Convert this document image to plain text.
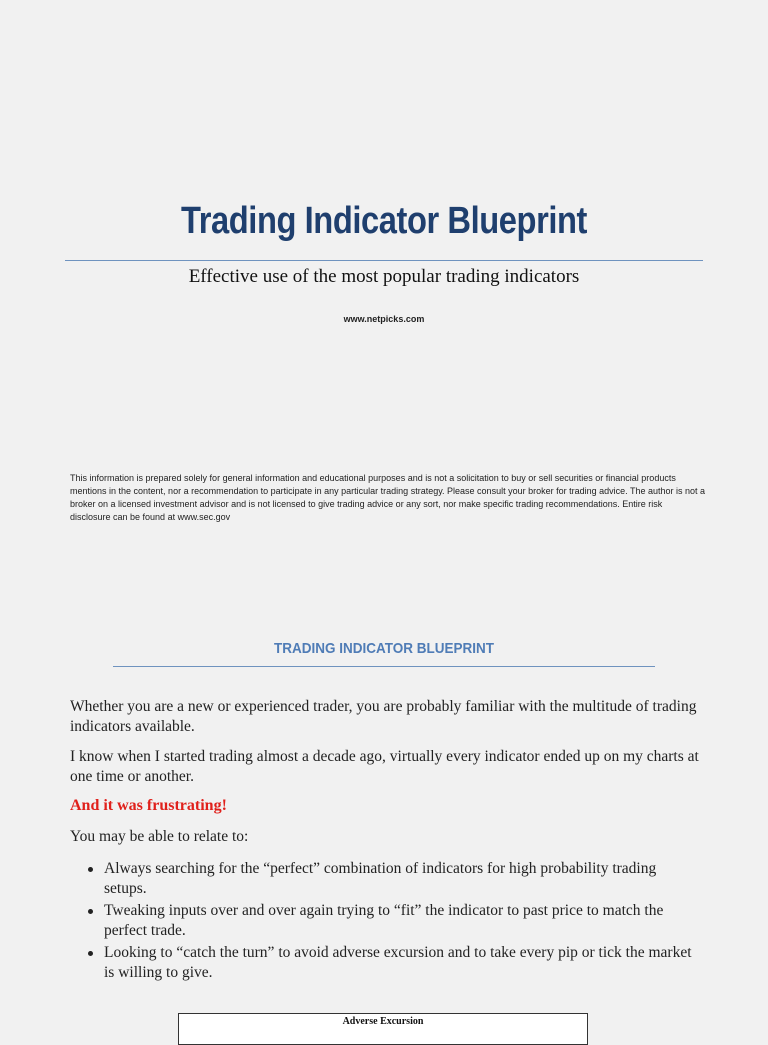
Trading Indicator Blueprint
Effective use of the most popular trading indicators
www.netpicks.com
This information is prepared solely for general information and educational purposes and is not a solicitation to buy or sell securities or financial products mentions in the content, nor a recommendation to participate in any particular trading strategy. Please consult your broker for trading advice. The author is not a broker on a licensed investment advisor and is not licensed to give trading advice or any sort, nor make specific trading recommendations. Entire risk disclosure can be found at www.sec.gov
TRADING INDICATOR BLUEPRINT
Whether you are a new or experienced trader, you are probably familiar with the multitude of trading indicators available.
I know when I started trading almost a decade ago, virtually every indicator ended up on my charts at one time or another.
And it was frustrating!
You may be able to relate to:
Always searching for the “perfect” combination of indicators for high probability trading setups.
Tweaking inputs over and over again trying to “fit” the indicator to past price to match the perfect trade.
Looking to “catch the turn” to avoid adverse excursion and to take every pip or tick the market is willing to give.
Adverse Excursion
